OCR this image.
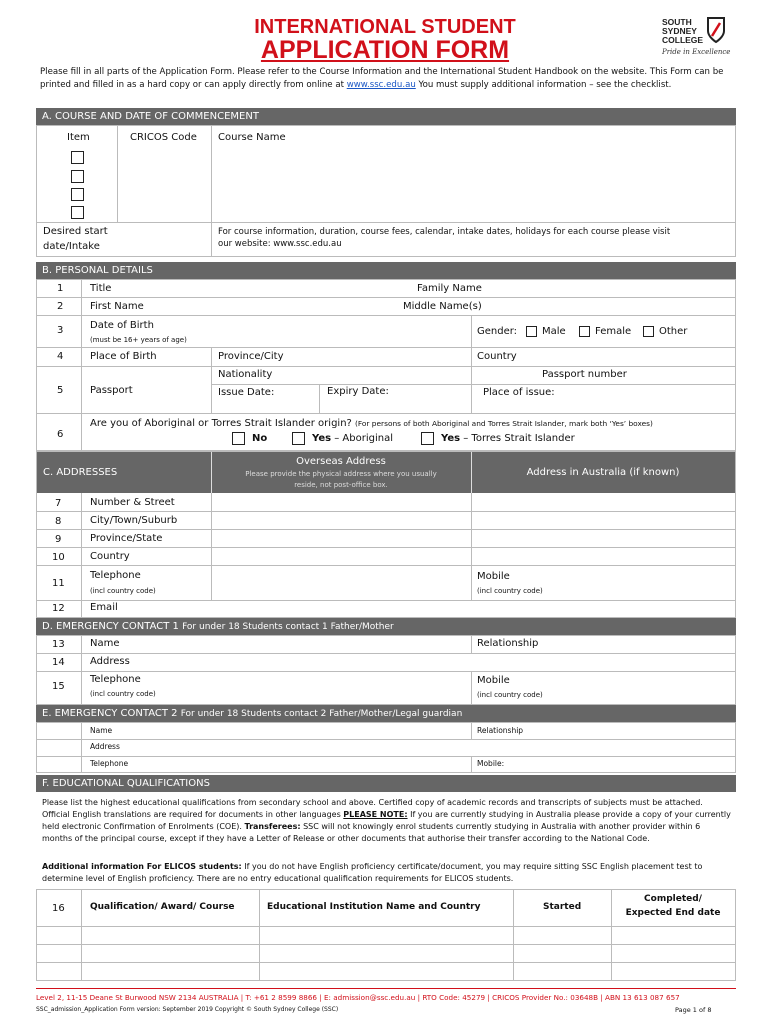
INTERNATIONAL STUDENT
APPLICATION FORM
SOUTH
SYDNEY
COLLEGE
Pride in Excellence
Please fill in all parts of the Application Form. Please refer to the Course Information and the International Student Handbook on the website. This Form can be printed and filled in as a hard copy or can apply directly from online at www.ssc.edu.au You must supply additional information – see the checklist.
A. COURSE AND DATE OF COMMENCEMENT
Item	CRICOS Code Course Name
Desired start
date/Intake
For course information, duration, course fees, calendar, intake dates, holidays for each course please visit
our website: www.ssc.edu.au
B. PERSONAL DETAILS
1	Title	Family Name
2	First Name	Middle Name(s)
3	Date of Birth
(must be 16+ years of age)
Gender: Male	Female	Other
4	Place of Birth	Province/City	Country
5	Passport
Nationality	Passport number
Issue Date:	Expiry Date:	Place of issue:
6
Are you of Aboriginal or Torres Strait Islander origin? (For persons of both Aboriginal and Torres Strait Islander, mark both ‘Yes’ boxes)
No	Yes – Aboriginal	Yes – Torres Strait Islander
C. ADDRESSES
Overseas Address
Please provide the physical address where you usually
reside, not post-office box.
Address in Australia (if known)
7	Number & Street
8	City/Town/Suburb
9	Province/State
10	Country
11
Telephone
(incl country code)
Mobile
(incl country code)
12	Email
D. EMERGENCY CONTACT 1 For under 18 Students contact 1 Father/Mother
13	Name	Relationship
14	Address
15
Telephone
(incl country code)
Mobile
(incl country code)
E. EMERGENCY CONTACT 2 For under 18 Students contact 2 Father/Mother/Legal guardian
Name	Relationship
Address
Telephone	Mobile:
F. EDUCATIONAL QUALIFICATIONS
Please list the highest educational qualifications from secondary school and above. Certified copy of academic records and transcripts of subjects must be attached. Official English translations are required for documents in other languages PLEASE NOTE: If you are currently studying in Australia please provide a copy of your currently held electronic Confirmation of Enrolments (COE). Transferees: SSC will not knowingly enrol students currently studying in Australia with another provider within 6 months of the principal course, except if they have a Letter of Release or other documents that authorise their transfer according to the National Code.
Additional information For ELICOS students: If you do not have English proficiency certificate/document, you may require sitting SSC English placement test to determine level of English proficiency. There are no entry educational qualification requirements for ELICOS students.
16	Qualification/ Award/ Course	Educational Institution Name and Country	Started
Completed/
Expected End date
Level 2, 11-15 Deane St Burwood NSW 2134 AUSTRALIA | T: +61 2 8599 8866 | E: admission@ssc.edu.au | RTO Code: 45279 | CRICOS Provider No.: 03648B | ABN 13 613 087 657
SSC_admission_Application Form version: September 2019 Copyright © South Sydney College (SSC)	Page 1 of 8
